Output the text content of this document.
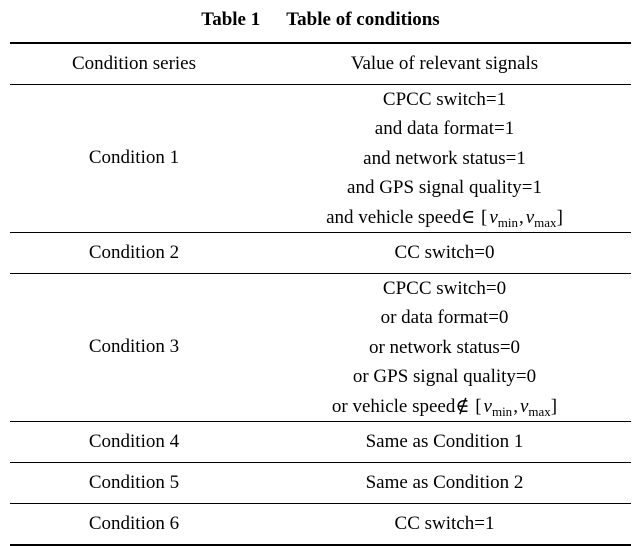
Table 1 Table of conditions
Condition series	Value of relevant signals
Condition 1	CPCC switch=1
and data format=1
and network status=1
and GPS signal quality=1
and vehicle speed∈ [ $v_{min}$, $v_{max}$]

Condition 2	CC switch=0
Condition 3	CPCC switch=0
or data format=0
or network status=0
or GPS signal quality=0
or vehicle speed∉ [ $v_{min}$, $v_{max}$]

Condition 4	Same as Condition 1
Condition 5	Same as Condition 2
Condition 6	CC switch=1
